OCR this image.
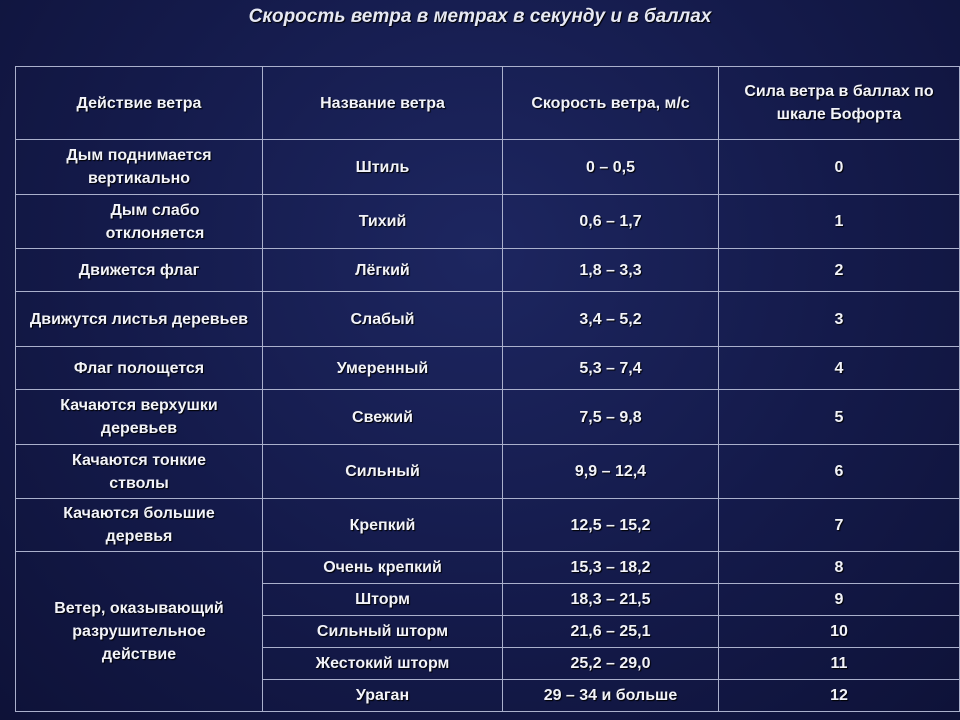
Скорость ветра в метрах в секунду и в баллах
Действие ветра	Название ветра	Скорость ветра, м/с	Сила ветра в баллах по шкале Бофорта
Дым поднимается вертикально	Штиль	0 – 0,5	0
Дым слабо отклоняется	Тихий	0,6 – 1,7	1
Движется флаг	Лёгкий	1,8 – 3,3	2
Движутся листья деревьев	Слабый	3,4 – 5,2	3
Флаг полощется	Умеренный	5,3 – 7,4	4
Качаются верхушки деревьев	Свежий	7,5 – 9,8	5
Качаются тонкие стволы	Сильный	9,9 – 12,4	6
Качаются большие деревья	Крепкий	12,5 – 15,2	7
Ветер, оказывающий разрушительное действие	Очень крепкий	15,3 – 18,2	8
	Шторм	18,3 – 21,5	9
	Сильный шторм	21,6 – 25,1	10
	Жестокий шторм	25,2 – 29,0	11
	Ураган	29 – 34 и больше	12
